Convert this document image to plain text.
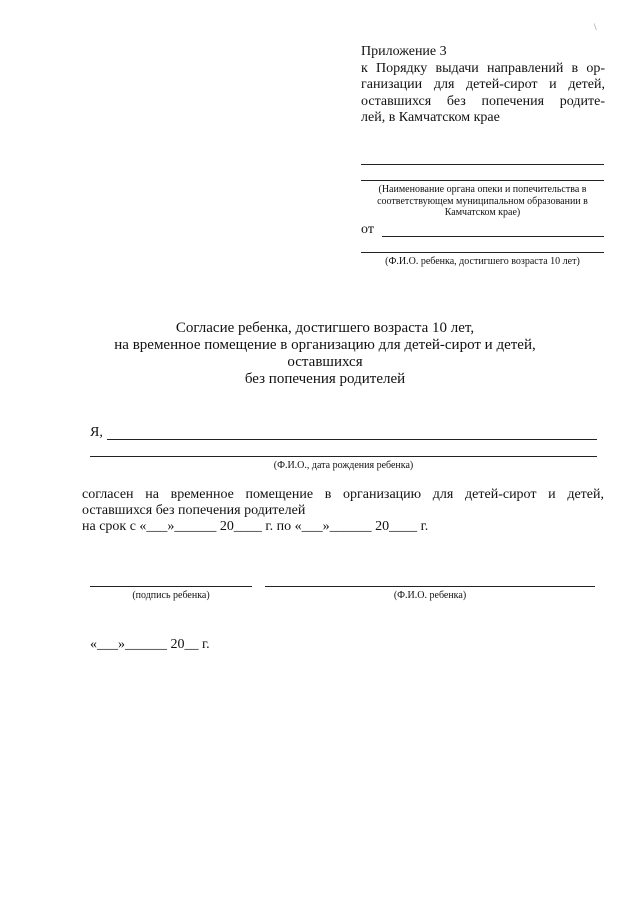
\
Приложение 3
к Порядку выдачи направлений в ор-
ганизации для детей-сирот и детей,
оставшихся без попечения родите-
лей, в Камчатском крае
(Наименование органа опеки и попечительства в
соответствующем муниципальном образовании в
Камчатском крае)
от
(Ф.И.О. ребенка, достигшего возраста 10 лет)
Согласие ребенка, достигшего возраста 10 лет,
на временное помещение в организацию для детей-сирот и детей, оставшихся
без попечения родителей
Я,
(Ф.И.О., дата рождения ребенка)
согласен на временное помещение в организацию для детей-сирот и детей,
оставшихся без попечения родителей
на срок с «___»______ 20____ г. по «___»______ 20____ г.
(подпись ребенка)	(Ф.И.О. ребенка)
«___»______ 20__ г.
